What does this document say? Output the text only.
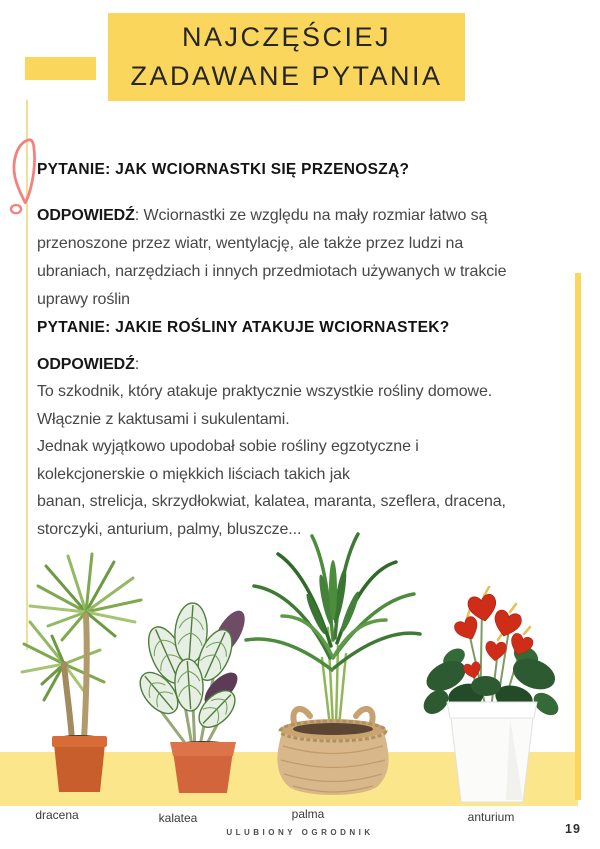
NAJCZĘŚCIEJ
ZADAWANE PYTANIA
PYTANIE: JAK WCIORNASTKI SIĘ PRZENOSZĄ?

ODPOWIEDŹ: Wciornastki ze względu na mały rozmiar łatwo są
przenoszone przez wiatr, wentylację, ale także przez ludzi na
ubraniach, narzędziach i innych przedmiotach używanych w trakcie
uprawy roślin

PYTANIE: JAKIE ROŚLINY ATAKUJE WCIORNASTEK?

ODPOWIEDŹ:

To szkodnik, który atakuje praktycznie wszystkie rośliny domowe.
Włącznie z kaktusami i sukulentami.
Jednak wyjątkowo upodobał sobie rośliny egzotyczne i
kolekcjonerskie o miękkich liściach takich jak
banan, strelicja, skrzydłokwiat, kalatea, maranta, szeflera, dracena,
storczyki, anturium, palmy, bluszcze...

dracena	kalatea	palma	anturium
ULUBIONY OGRODNIK	19
